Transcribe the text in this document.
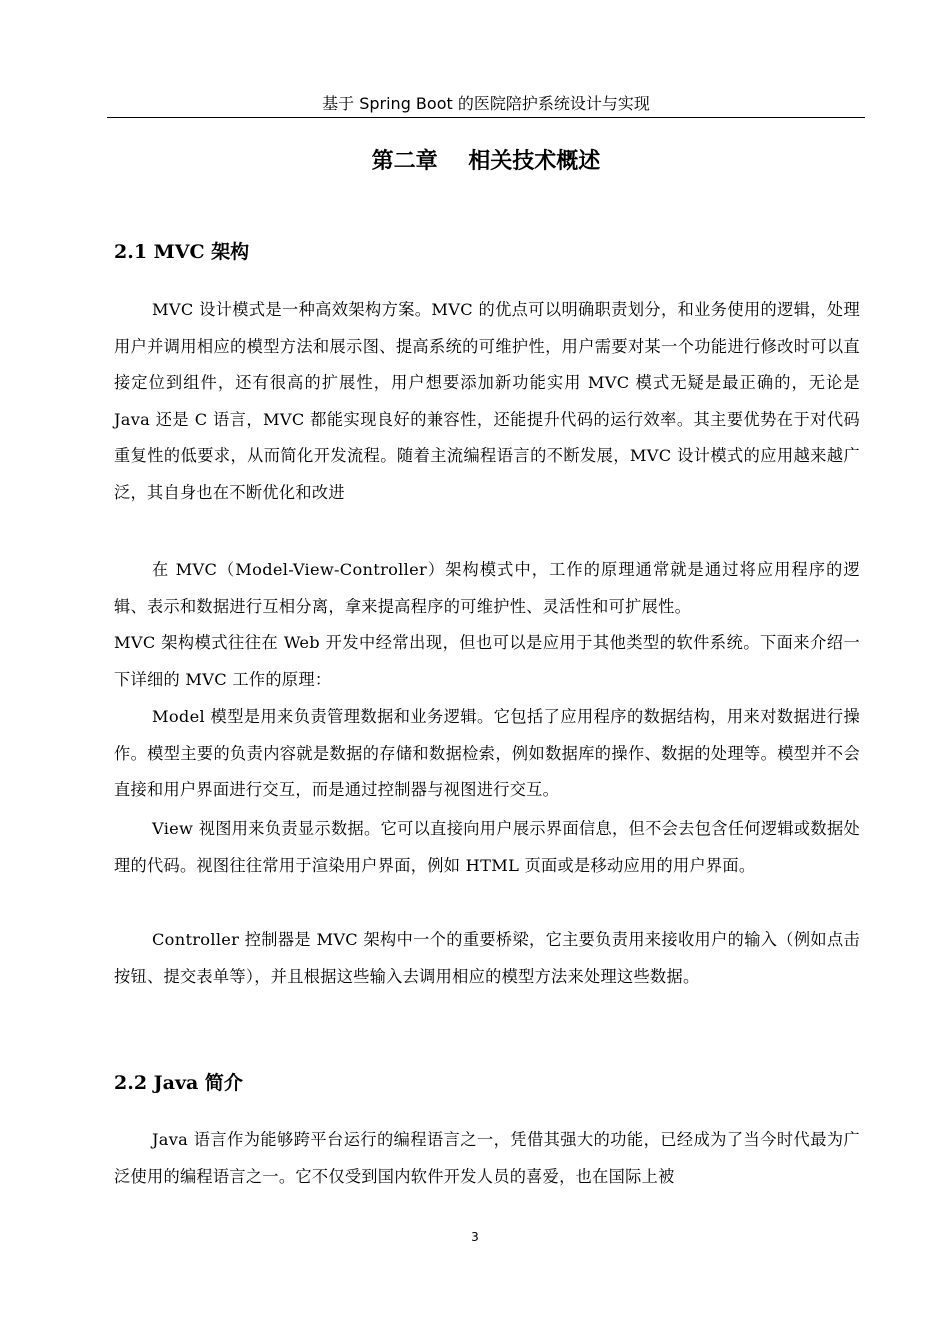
基于 Spring Boot 的医院陪护系统设计与实现
第二章    相关技术概述
2.1 MVC 架构

MVC 设计模式是一种高效架构方案。MVC 的优点可以明确职责划分，和业务使用的逻辑，处理用户并调用相应的模型方法和展示图、提高系统的可维护性，用户需要对某一个功能进行修改时可以直接定位到组件，还有很高的扩展性，用户想要添加新功能实用 MVC 模式无疑是最正确的，无论是 Java 还是 C 语言，MVC 都能实现良好的兼容性，还能提升代码的运行效率。其主要优势在于对代码重复性的低要求，从而简化开发流程。随着主流编程语言的不断发展，MVC 设计模式的应用越来越广泛，其自身也在不断优化和改进

在 MVC（Model-View-Controller）架构模式中，工作的原理通常就是通过将应用程序的逻辑、表示和数据进行互相分离，拿来提高程序的可维护性、灵活性和可扩展性。

MVC 架构模式往往在 Web 开发中经常出现，但也可以是应用于其他类型的软件系统。下面来介绍一下详细的 MVC 工作的原理：

Model 模型是用来负责管理数据和业务逻辑。它包括了应用程序的数据结构，用来对数据进行操作。模型主要的负责内容就是数据的存储和数据检索，例如数据库的操作、数据的处理等。模型并不会直接和用户界面进行交互，而是通过控制器与视图进行交互。

View 视图用来负责显示数据。它可以直接向用户展示界面信息，但不会去包含任何逻辑或数据处理的代码。视图往往常用于渲染用户界面，例如 HTML 页面或是移动应用的用户界面。

Controller 控制器是 MVC 架构中一个的重要桥梁，它主要负责用来接收用户的输入（例如点击按钮、提交表单等），并且根据这些输入去调用相应的模型方法来处理这些数据。

2.2 Java 简介

Java 语言作为能够跨平台运行的编程语言之一，凭借其强大的功能，已经成为了当今时代最为广泛使用的编程语言之一。它不仅受到国内软件开发人员的喜爱，也在国际上被

3
